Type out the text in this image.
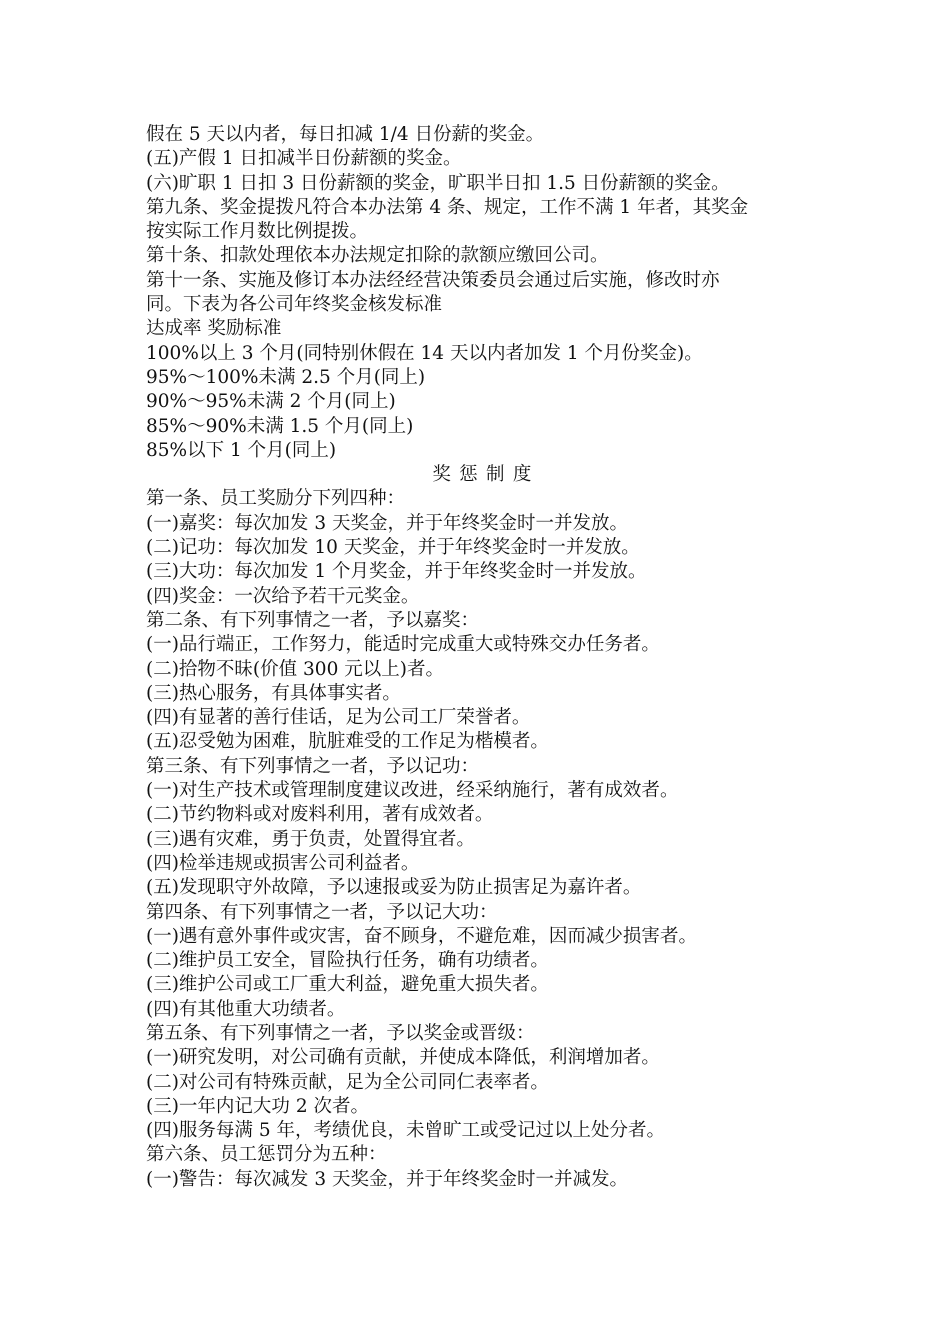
假在 5 天以内者，每日扣减 1/4 日份薪的奖金。
(五)产假 1 日扣减半日份薪额的奖金。
(六)旷职 1 日扣 3 日份薪额的奖金，旷职半日扣 1.5 日份薪额的奖金。
第九条、奖金提拨凡符合本办法第 4 条、规定，工作不满 1 年者，其奖金
按实际工作月数比例提拨。
第十条、扣款处理依本办法规定扣除的款额应缴回公司。
第十一条、实施及修订本办法经经营决策委员会通过后实施，修改时亦
同。下表为各公司年终奖金核发标准
达成率 奖励标准
100%以上 3 个月(同特别休假在 14 天以内者加发 1 个月份奖金)。
95%～100%未满 2.5 个月(同上)
90%～95%未满 2 个月(同上)
85%～90%未满 1.5 个月(同上)
85%以下 1 个月(同上)
奖惩制度
第一条、员工奖励分下列四种：
(一)嘉奖：每次加发 3 天奖金，并于年终奖金时一并发放。
(二)记功：每次加发 10 天奖金，并于年终奖金时一并发放。
(三)大功：每次加发 1 个月奖金，并于年终奖金时一并发放。
(四)奖金：一次给予若干元奖金。
第二条、有下列事情之一者，予以嘉奖：
(一)品行端正，工作努力，能适时完成重大或特殊交办任务者。
(二)拾物不昧(价值 300 元以上)者。
(三)热心服务，有具体事实者。
(四)有显著的善行佳话，足为公司工厂荣誉者。
(五)忍受勉为困难，肮脏难受的工作足为楷模者。
第三条、有下列事情之一者，予以记功：
(一)对生产技术或管理制度建议改进，经采纳施行，著有成效者。
(二)节约物料或对废料利用，著有成效者。
(三)遇有灾难，勇于负责，处置得宜者。
(四)检举违规或损害公司利益者。
(五)发现职守外故障，予以速报或妥为防止损害足为嘉许者。
第四条、有下列事情之一者，予以记大功：
(一)遇有意外事件或灾害，奋不顾身，不避危难，因而减少损害者。
(二)维护员工安全，冒险执行任务，确有功绩者。
(三)维护公司或工厂重大利益，避免重大损失者。
(四)有其他重大功绩者。
第五条、有下列事情之一者，予以奖金或晋级：
(一)研究发明，对公司确有贡献，并使成本降低，利润增加者。
(二)对公司有特殊贡献，足为全公司同仁表率者。
(三)一年内记大功 2 次者。
(四)服务每满 5 年，考绩优良，未曾旷工或受记过以上处分者。
第六条、员工惩罚分为五种：
(一)警告：每次减发 3 天奖金，并于年终奖金时一并减发。
